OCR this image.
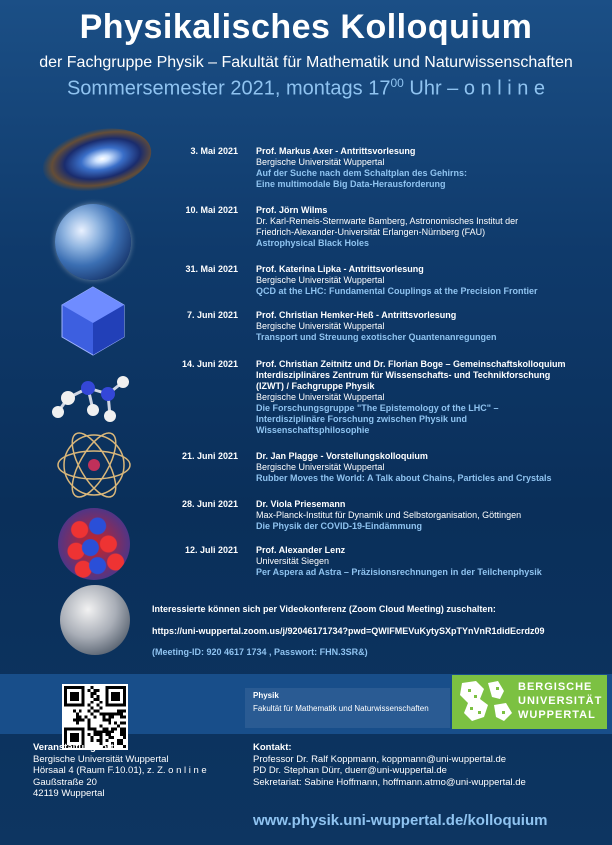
Physikalisches Kolloquium
der Fachgruppe Physik – Fakultät für Mathematik und Naturwissenschaften
Sommersemester 2021, montags $17^{00}$ Uhr – o n l i n e
3. Mai 2021 Prof. Markus Axer - Antrittsvorlesung
Bergische Universität Wuppertal
Auf der Suche nach dem Schaltplan des Gehirns:
Eine multimodale Big Data-Herausforderung
10. Mai 2021 Prof. Jörn Wilms
Dr. Karl-Remeis-Sternwarte Bamberg, Astronomisches Institut der
Friedrich-Alexander-Universität Erlangen-Nürnberg (FAU)
Astrophysical Black Holes
31. Mai 2021 Prof. Katerina Lipka - Antrittsvorlesung
Bergische Universität Wuppertal
QCD at the LHC: Fundamental Couplings at the Precision Frontier
7. Juni 2021 Prof. Christian Hemker-Heß - Antrittsvorlesung
Bergische Universität Wuppertal
Transport und Streuung exotischer Quantenanregungen
14. Juni 2021 Prof. Christian Zeitnitz und Dr. Florian Boge – Gemeinschaftskolloquium
Interdisziplinäres Zentrum für Wissenschafts- und Technikforschung
(IZWT) / Fachgruppe Physik
Bergische Universität Wuppertal
Die Forschungsgruppe "The Epistemology of the LHC" –
Interdisziplinäre Forschung zwischen Physik und
Wissenschaftsphilosophie
21. Juni 2021 Dr. Jan Plagge - Vorstellungskolloquium
Bergische Universität Wuppertal
Rubber Moves the World: A Talk about Chains, Particles and Crystals
28. Juni 2021 Dr. Viola Priesemann
Max-Planck-Institut für Dynamik und Selbstorganisation, Göttingen
Die Physik der COVID-19-Eindämmung
12. Juli 2021 Prof. Alexander Lenz
Universität Siegen
Per Aspera ad Astra – Präzisionsrechnungen in der Teilchenphysik
Interessierte können sich per Videokonferenz (Zoom Cloud Meeting) zuschalten:
https://uni-wuppertal.zoom.us/j/92046171734?pwd=QWlFMEVuKytySXpTYnVnR1didEcrdz09
(Meeting-ID: 920 4617 1734 , Passwort: FHN.3SR&)
Physik
Fakultät für Mathematik und Naturwissenschaften
BERGISCHE
UNIVERSITÄT
WUPPERTAL
Veranstaltungsort:
Bergische Universität Wuppertal
Hörsaal 4 (Raum F.10.01), z. Z. o n l i n e
Gaußstraße 20
42119 Wuppertal
Kontakt:
Professor Dr. Ralf Koppmann, koppmann@uni-wuppertal.de
PD Dr. Stephan Dürr, duerr@uni-wuppertal.de
Sekretariat: Sabine Hoffmann, hoffmann.atmo@uni-wuppertal.de
www.physik.uni-wuppertal.de/kolloquium
